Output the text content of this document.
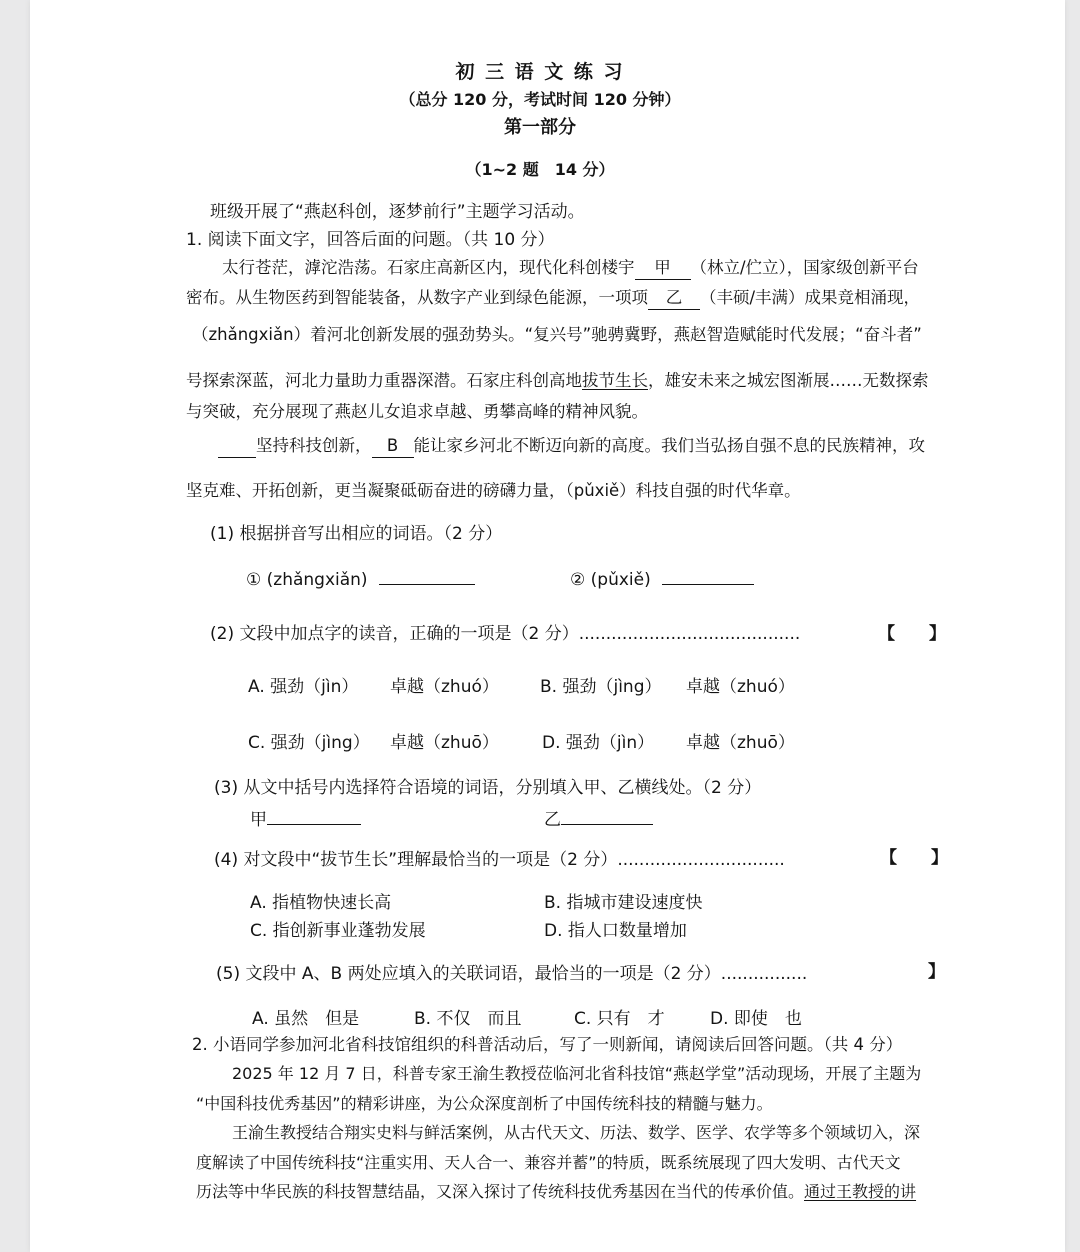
初 三 语 文 练 习
（总分 120 分，考试时间 120 分钟）
第一部分
（1~2 题　14 分）
班级开展了“燕赵科创，逐梦前行”主题学习活动。
1. 阅读下面文字，回答后面的问题。（共 10 分）
太行苍茫，滹沱浩荡。石家庄高新区内，现代化科创楼宇 甲 （林立/伫立），国家级创新平台
密布。从生物医药到智能装备，从数字产业到绿色能源，一项项 乙 （丰硕/丰满）成果竞相涌现，
（zhǎngxiǎn）着河北创新发展的强劲势头。“复兴号”驰骋冀野，燕赵智造赋能时代发展；“奋斗者”
号探索深蓝，河北力量助力重器深潜。石家庄科创高地拔节生长，雄安未来之城宏图渐展……无数探索
与突破，充分展现了燕赵儿女追求卓越、勇攀高峰的精神风貌。
坚持科技创新， B 能让家乡河北不断迈向新的高度。我们当弘扬自强不息的民族精神，攻
坚克难、开拓创新，更当凝聚砥砺奋进的磅礴力量，（pǔxiě）科技自强的时代华章。
(1) 根据拼音写出相应的词语。（2 分）
① (zhǎngxiǎn)	② (pǔxiě)
(2) 文段中加点字的读音，正确的一项是（2 分）.........................................	【　　】
A. 强劲（jìn） 卓越（zhuó） B. 强劲（jìng） 卓越（zhuó）
C. 强劲（jìng） 卓越（zhuō）	D. 强劲（jìn） 卓越（zhuō）
(3) 从文中括号内选择符合语境的词语，分别填入甲、乙横线处。（2 分）
甲	乙
(4) 对文段中“拔节生长”理解最恰当的一项是（2 分）...............................	【　　】
A. 指植物快速长高	B. 指城市建设速度快
C. 指创新事业蓬勃发展	D. 指人口数量增加
(5) 文段中 A、B 两处应填入的关联词语，最恰当的一项是（2 分）................	】
A. 虽然　但是	B. 不仅　而且	C. 只有　才	D. 即使　也
2. 小语同学参加河北省科技馆组织的科普活动后，写了一则新闻，请阅读后回答问题。（共 4 分）
2025 年 12 月 7 日，科普专家王渝生教授莅临河北省科技馆“燕赵学堂”活动现场，开展了主题为
“中国科技优秀基因”的精彩讲座，为公众深度剖析了中国传统科技的精髓与魅力。
王渝生教授结合翔实史料与鲜活案例，从古代天文、历法、数学、医学、农学等多个领域切入，深
度解读了中国传统科技“注重实用、天人合一、兼容并蓄”的特质，既系统展现了四大发明、古代天文
历法等中华民族的科技智慧结晶，又深入探讨了传统科技优秀基因在当代的传承价值。通过王教授的讲
